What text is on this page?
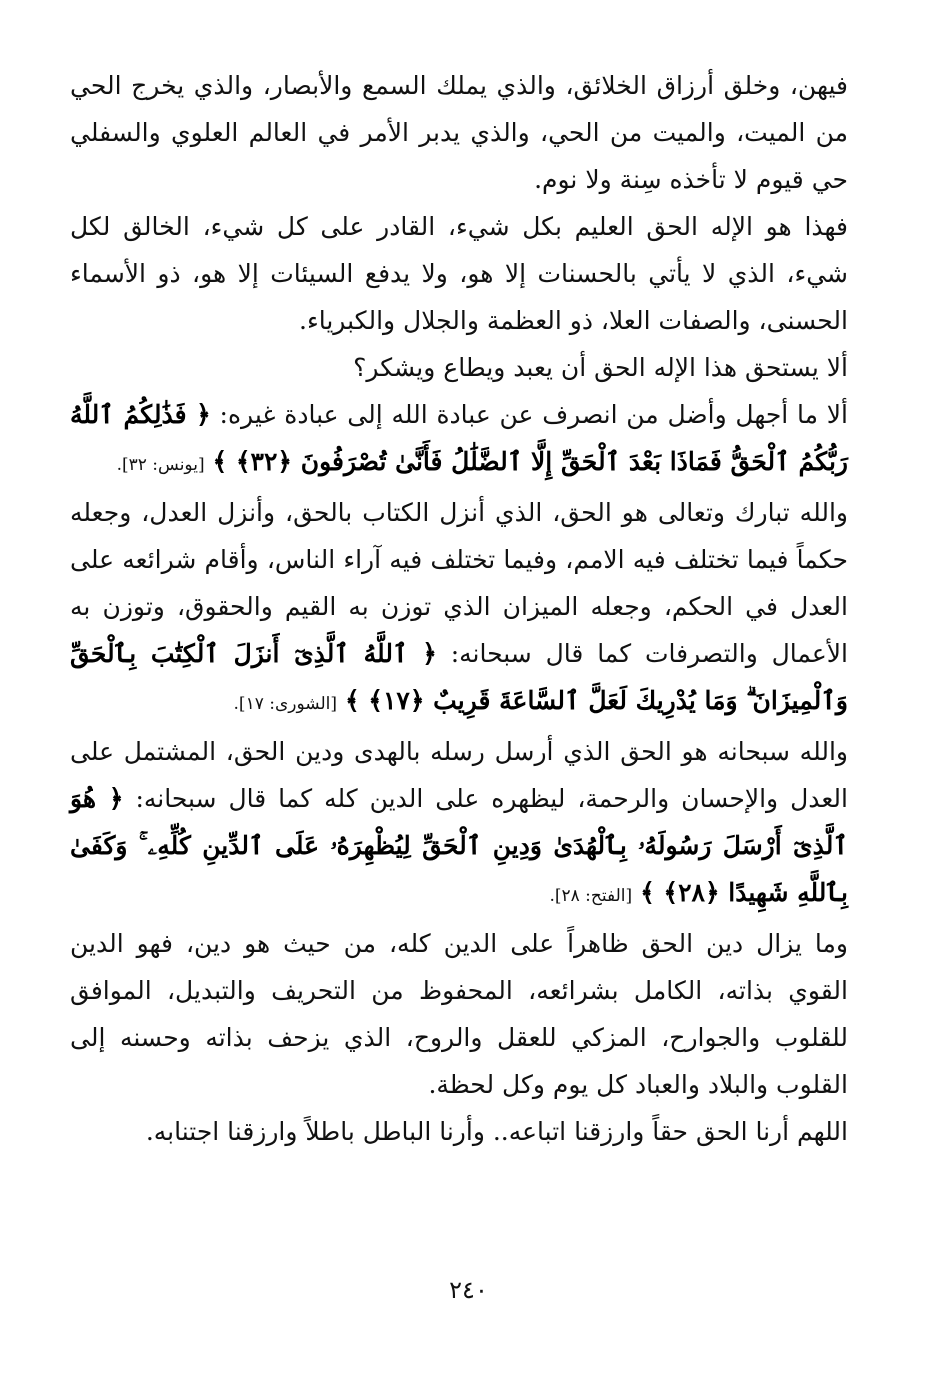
فيهن، وخلق أرزاق الخلائق، والذي يملك السمع والأبصار، والذي يخرج الحي من الميت، والميت من الحي، والذي يدبر الأمر في العالم العلوي والسفلي حي قيوم لا تأخذه سِنة ولا نوم.

فهذا هو الإله الحق العليم بكل شيء، القادر على كل شيء، الخالق لكل شيء، الذي لا يأتي بالحسنات إلا هو، ولا يدفع السيئات إلا هو، ذو الأسماء الحسنى، والصفات العلا، ذو العظمة والجلال والكبرياء.

ألا يستحق هذا الإله الحق أن يعبد ويطاع ويشكر؟

ألا ما أجهل وأضل من انصرف عن عبادة الله إلى عبادة غيره: ﴿ فَذَٰلِكُمُ ٱللَّهُ رَبُّكُمُ ٱلْحَقُّ فَمَاذَا بَعْدَ ٱلْحَقِّ إِلَّا ٱلضَّلَٰلُ فَأَنَّىٰ تُصْرَفُونَ ﴿٣٢﴾ ﴾ [يونس: ٣٢].

والله تبارك وتعالى هو الحق، الذي أنزل الكتاب بالحق، وأنزل العدل، وجعله حكماً فيما تختلف فيه الامم، وفيما تختلف فيه آراء الناس، وأقام شرائعه على العدل في الحكم، وجعله الميزان الذي توزن به القيم والحقوق، وتوزن به الأعمال والتصرفات كما قال سبحانه: ﴿ ٱللَّهُ ٱلَّذِىٓ أَنزَلَ ٱلْكِتَٰبَ بِٱلْحَقِّ وَٱلْمِيزَانَ ۗ وَمَا يُدْرِيكَ لَعَلَّ ٱلسَّاعَةَ قَرِيبٌ ﴿١٧﴾ ﴾ [الشورى: ١٧].

والله سبحانه هو الحق الذي أرسل رسله بالهدى ودين الحق، المشتمل على العدل والإحسان والرحمة، ليظهره على الدين كله كما قال سبحانه: ﴿ هُوَ ٱلَّذِىٓ أَرْسَلَ رَسُولَهُۥ بِٱلْهُدَىٰ وَدِينِ ٱلْحَقِّ لِيُظْهِرَهُۥ عَلَى ٱلدِّينِ كُلِّهِۦ ۚ وَكَفَىٰ بِٱللَّهِ شَهِيدًا ﴿٢٨﴾ ﴾ [الفتح: ٢٨].

وما يزال دين الحق ظاهراً على الدين كله، من حيث هو دين، فهو الدين القوي بذاته، الكامل بشرائعه، المحفوظ من التحريف والتبديل، الموافق للقلوب والجوارح، المزكي للعقل والروح، الذي يزحف بذاته وحسنه إلى القلوب والبلاد والعباد كل يوم وكل لحظة.

اللهم أرنا الحق حقاً وارزقنا اتباعه.. وأرنا الباطل باطلاً وارزقنا اجتنابه.

٢٤٠
